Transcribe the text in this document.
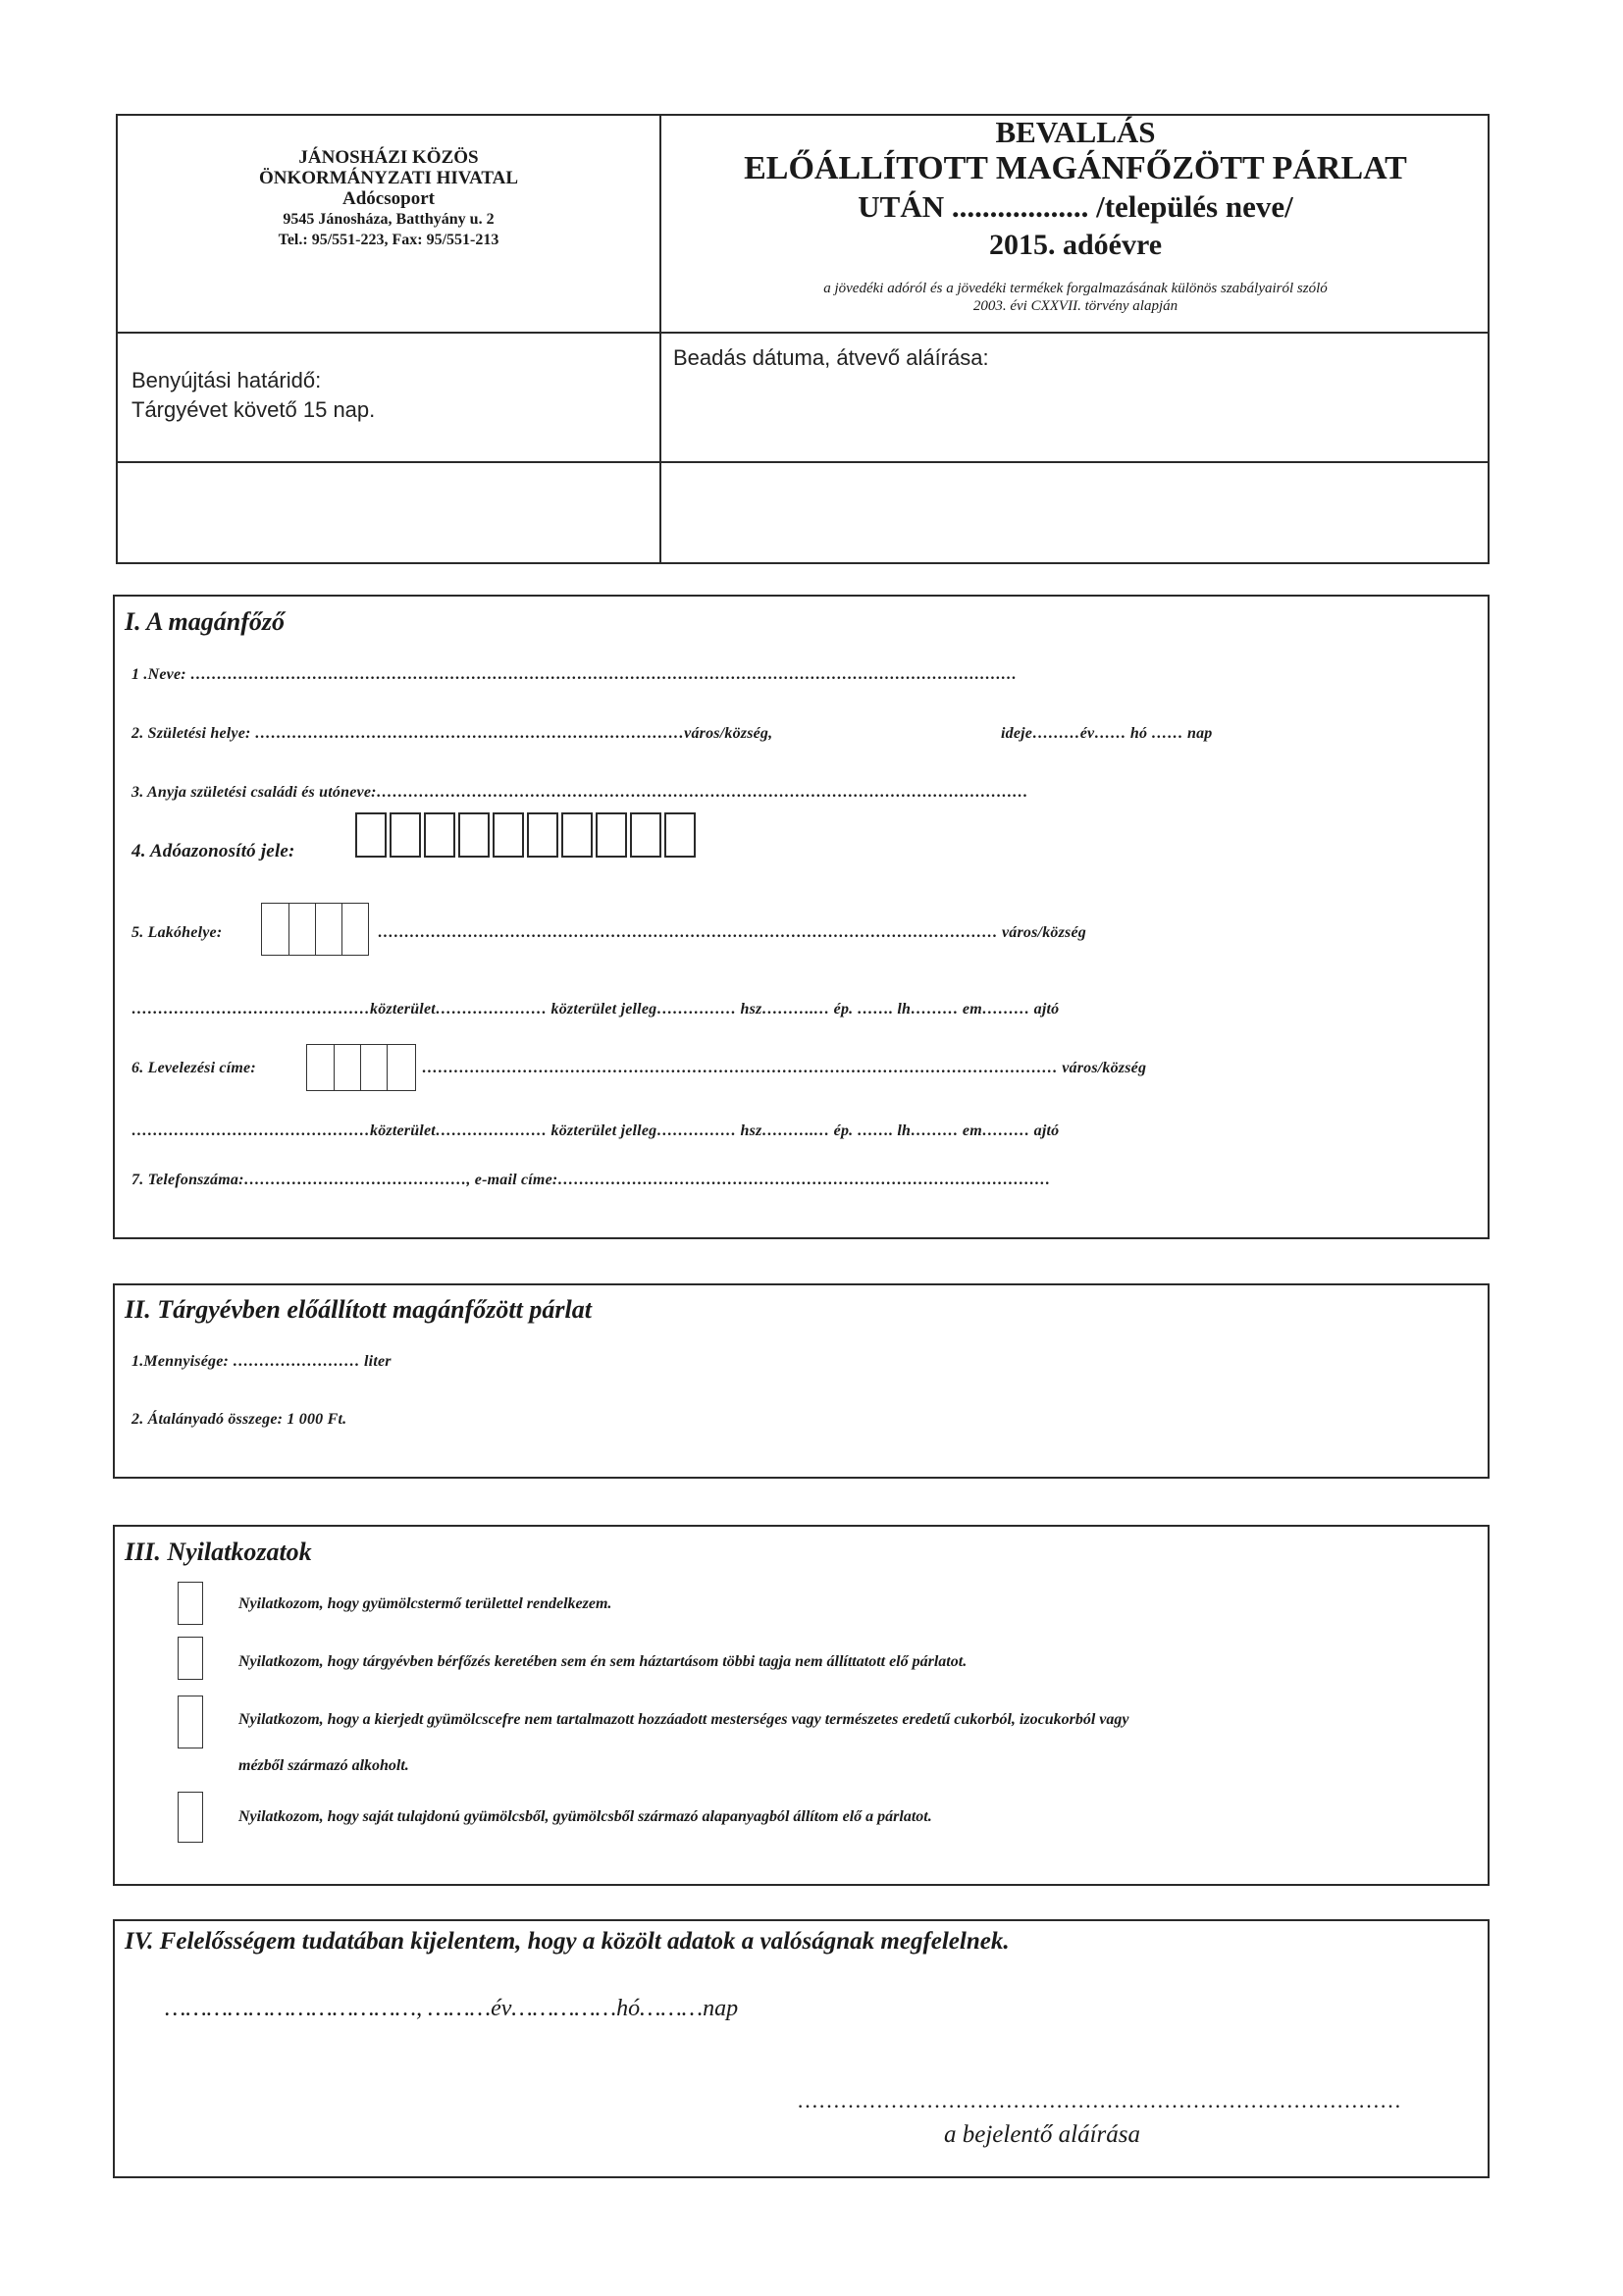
JÁNOSHÁZI KÖZÖS
ÖNKORMÁNYZATI HIVATAL
Adócsoport
9545 Jánosháza, Batthyány u. 2
Tel.: 95/551-223, Fax: 95/551-213
BEVALLÁS
ELŐÁLLÍTOTT MAGÁNFŐZÖTT PÁRLAT
UTÁN .................. /település neve/
2015. adóévre
a jövedéki adóról és a jövedéki termékek forgalmazásának különös szabályairól szóló
2003. évi CXXVII. törvény alapján
Benyújtási határidő:
Tárgyévet követő 15 nap.
Beadás dátuma, átvevő aláírása:
I. A magánfőző
1 .Neve: …………………………………………………………………………………………………………………………………………
2. Születési helye: ………………………………………………………………………város/község,	ideje………év…… hó …… nap
3. Anyja születési családi és utóneve:……………………………………………………………………………………………………………
4. Adóazonosító jele:
5. Lakóhelye:	……………………………………………………………………………………………………… város/község
………………………………………közterület………………… közterület jelleg…………… hsz……….… ép. ……. lh……… em……… ajtó
6. Levelezési címe:	………………………………………………………………………………………………………… város/község
………………………………………közterület………………… közterület jelleg…………… hsz……….… ép. ……. lh……… em……… ajtó
7. Telefonszáma:……………………………………, e-mail címe:…………………………………………………………………………………
II. Tárgyévben előállított magánfőzött párlat
1.Mennyisége: …………………… liter
2. Átalányadó összege: 1 000 Ft.
III. Nyilatkozatok
Nyilatkozom, hogy gyümölcstermő területtel rendelkezem.
Nyilatkozom, hogy tárgyévben bérfőzés keretében sem én sem háztartásom többi tagja nem állíttatott elő párlatot.
Nyilatkozom, hogy a kierjedt gyümölcscefre nem tartalmazott hozzáadott mesterséges vagy természetes eredetű cukorból, izocukorból vagy
mézből származó alkoholt.
Nyilatkozom, hogy saját tulajdonú gyümölcsből, gyümölcsből származó alapanyagból állítom elő a párlatot.
IV. Felelősségem tudatában kijelentem, hogy a közölt adatok a valóságnak megfelelnek.
………………………………, ………év……………hó………nap
…………………………………………………………………………
a bejelentő aláírása
